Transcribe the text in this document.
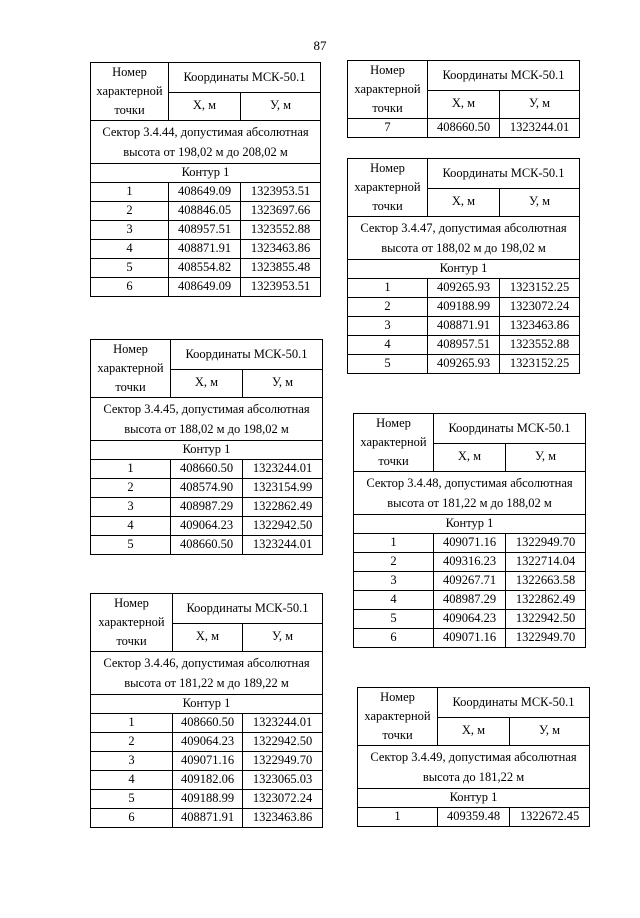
87
Номер характерной точки	Координаты МСК-50.1	
	X, м	У, м
Сектор 3.4.44, допустимая абсолютная высота от 198,02 м до 208,02 м		
Контур 1		
1	408649.09	1323953.51
2	408846.05	1323697.66
3	408957.51	1323552.88
4	408871.91	1323463.86
5	408554.82	1323855.48
6	408649.09	1323953.51
Номер характерной точки	Координаты МСК-50.1	
	X, м	У, м
Сектор 3.4.45, допустимая абсолютная высота от 188,02 м до 198,02 м		
Контур 1		
1	408660.50	1323244.01
2	408574.90	1323154.99
3	408987.29	1322862.49
4	409064.23	1322942.50
5	408660.50	1323244.01
Номер характерной точки	Координаты МСК-50.1	
	X, м	У, м
Сектор 3.4.46, допустимая абсолютная высота от 181,22 м до 189,22 м		
Контур 1		
1	408660.50	1323244.01
2	409064.23	1322942.50
3	409071.16	1322949.70
4	409182.06	1323065.03
5	409188.99	1323072.24
6	408871.91	1323463.86
Номер характерной точки	Координаты МСК-50.1	
	X, м	У, м
7	408660.50	1323244.01
Номер характерной точки	Координаты МСК-50.1	
	X, м	У, м
Сектор 3.4.47, допустимая абсолютная высота от 188,02 м до 198,02 м		
Контур 1		
1	409265.93	1323152.25
2	409188.99	1323072.24
3	408871.91	1323463.86
4	408957.51	1323552.88
5	409265.93	1323152.25
Номер характерной точки	Координаты МСК-50.1	
	X, м	У, м
Сектор 3.4.48, допустимая абсолютная высота от 181,22 м до 188,02 м		
Контур 1		
1	409071.16	1322949.70
2	409316.23	1322714.04
3	409267.71	1322663.58
4	408987.29	1322862.49
5	409064.23	1322942.50
6	409071.16	1322949.70
Номер характерной точки	Координаты МСК-50.1	
	X, м	У, м
Сектор 3.4.49, допустимая абсолютная высота до 181,22 м		
Контур 1		
1	409359.48	1322672.45
